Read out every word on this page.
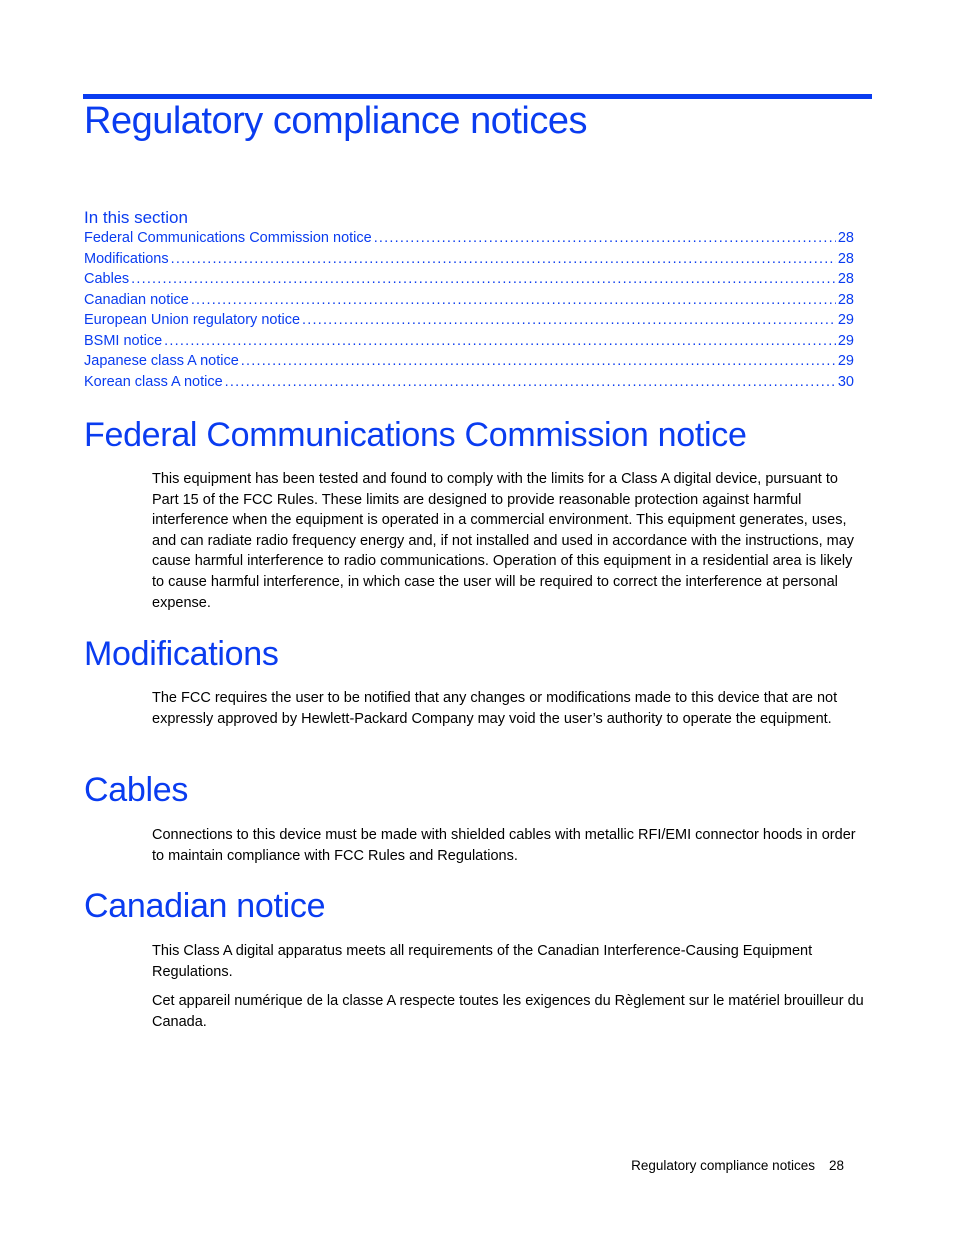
Regulatory compliance notices
In this section
Federal Communications Commission notice .....	28
Modifications .....	28
Cables .....	28
Canadian notice .....	28
European Union regulatory notice .....	29
BSMI notice .....	29
Japanese class A notice .....	29
Korean class A notice .....	30
Federal Communications Commission notice

This equipment has been tested and found to comply with the limits for a Class A digital device, pursuant to Part 15 of the FCC Rules. These limits are designed to provide reasonable protection against harmful interference when the equipment is operated in a commercial environment. This equipment generates, uses, and can radiate radio frequency energy and, if not installed and used in accordance with the instructions, may cause harmful interference to radio communications. Operation of this equipment in a residential area is likely to cause harmful interference, in which case the user will be required to correct the interference at personal expense.

Modifications

The FCC requires the user to be notified that any changes or modifications made to this device that are not expressly approved by Hewlett-Packard Company may void the user’s authority to operate the equipment.

Cables

Connections to this device must be made with shielded cables with metallic RFI/EMI connector hoods in order to maintain compliance with FCC Rules and Regulations.

Canadian notice

This Class A digital apparatus meets all requirements of the Canadian Interference-Causing Equipment Regulations.

Cet appareil numérique de la classe A respecte toutes les exigences du Règlement sur le matériel brouilleur du Canada.

Regulatory compliance notices 28
